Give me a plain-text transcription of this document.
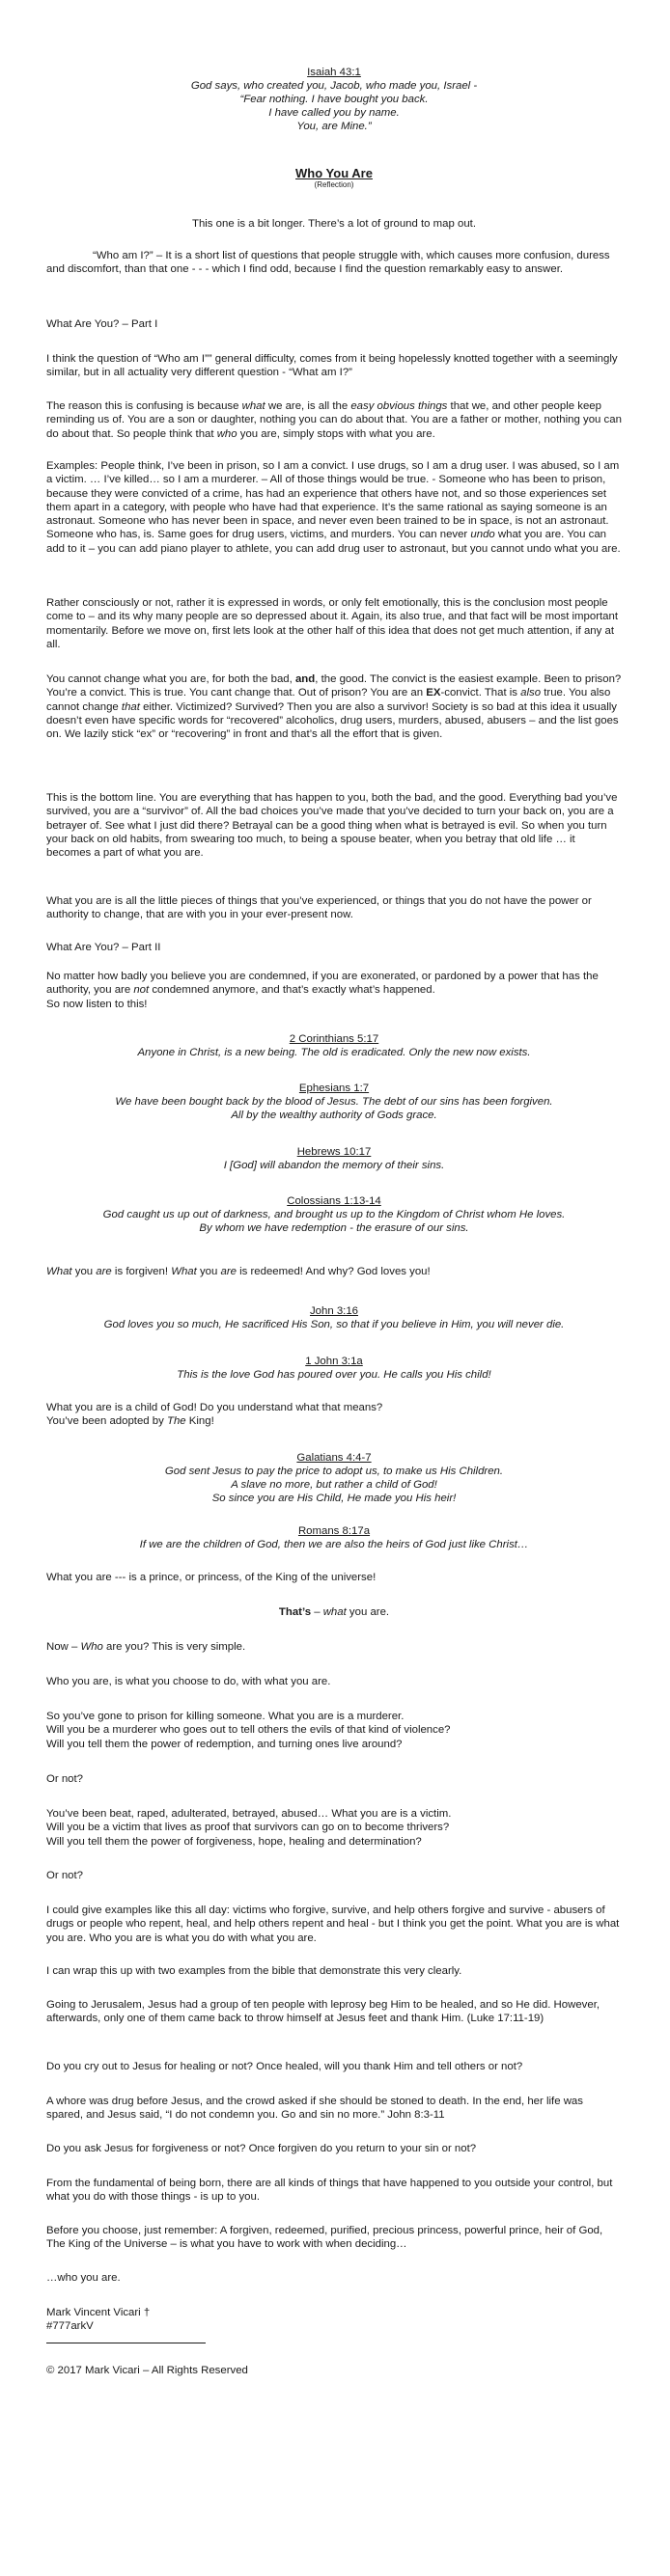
Isaiah 43:1
God says, who created you, Jacob, who made you, Israel -
“Fear nothing. I have bought you back.
I have called you by name.
You, are Mine.”
Who You Are
(Reflection)
This one is a bit longer. There’s a lot of ground to map out.

“Who am I?” – It is a short list of questions that people struggle with, which causes more confusion, duress and discomfort, than that one - - - which I find odd, because I find the question remarkably easy to answer.

What Are You? – Part I

I think the question of “Who am I”” general difficulty, comes from it being hopelessly knotted together with a seemingly similar, but in all actuality very different question - “What am I?”

The reason this is confusing is because what we are, is all the easy obvious things that we, and other people keep reminding us of. You are a son or daughter, nothing you can do about that. You are a father or mother, nothing you can do about that. So people think that who you are, simply stops with what you are.

Examples: People think, I’ve been in prison, so I am a convict. I use drugs, so I am a drug user. I was abused, so I am a victim. … I’ve killed… so I am a murderer. – All of those things would be true. - Someone who has been to prison, because they were convicted of a crime, has had an experience that others have not, and so those experiences set them apart in a category, with people who have had that experience. It’s the same rational as saying someone is an astronaut. Someone who has never been in space, and never even been trained to be in space, is not an astronaut. Someone who has, is. Same goes for drug users, victims, and murders. You can never undo what you are. You can add to it – you can add piano player to athlete, you can add drug user to astronaut, but you cannot undo what you are.

Rather consciously or not, rather it is expressed in words, or only felt emotionally, this is the conclusion most people come to – and its why many people are so depressed about it. Again, its also true, and that fact will be most important momentarily. Before we move on, first lets look at the other half of this idea that does not get much attention, if any at all.

You cannot change what you are, for both the bad, and, the good. The convict is the easiest example. Been to prison? You’re a convict. This is true. You cant change that. Out of prison? You are an EX-convict. That is also true. You also cannot change that either. Victimized? Survived? Then you are also a survivor! Society is so bad at this idea it usually doesn’t even have specific words for “recovered” alcoholics, drug users, murders, abused, abusers – and the list goes on. We lazily stick “ex” or “recovering” in front and that’s all the effort that is given.

This is the bottom line. You are everything that has happen to you, both the bad, and the good. Everything bad you’ve survived, you are a “survivor” of. All the bad choices you’ve made that you’ve decided to turn your back on, you are a betrayer of. See what I just did there? Betrayal can be a good thing when what is betrayed is evil. So when you turn your back on old habits, from swearing too much, to being a spouse beater, when you betray that old life … it becomes a part of what you are.

What you are is all the little pieces of things that you’ve experienced, or things that you do not have the power or authority to change, that are with you in your ever-present now.

What Are You? – Part II

No matter how badly you believe you are condemned, if you are exonerated, or pardoned by a power that has the authority, you are not condemned anymore, and that’s exactly what’s happened.

So now listen to this!

2 Corinthians 5:17
Anyone in Christ, is a new being. The old is eradicated. Only the new now exists.
Ephesians 1:7
We have been bought back by the blood of Jesus. The debt of our sins has been forgiven.
All by the wealthy authority of Gods grace.
Hebrews 10:17
I [God] will abandon the memory of their sins.
Colossians 1:13-14
God caught us up out of darkness, and brought us up to the Kingdom of Christ whom He loves.
By whom we have redemption - the erasure of our sins.

What you are is forgiven! What you are is redeemed! And why? God loves you!

John 3:16
God loves you so much, He sacrificed His Son, so that if you believe in Him, you will never die.
1 John 3:1a
This is the love God has poured over you. He calls you His child!
What you are is a child of God! Do you understand what that means?
You’ve been adopted by The King!
Galatians 4:4-7
God sent Jesus to pay the price to adopt us, to make us His Children.
A slave no more, but rather a child of God!
So since you are His Child, He made you His heir!
Romans 8:17a
If we are the children of God, then we are also the heirs of God just like Christ…

What you are --- is a prince, or princess, of the King of the universe!

That’s – what you are.

Now – Who are you? This is very simple.

Who you are, is what you choose to do, with what you are.

So you’ve gone to prison for killing someone. What you are is a murderer.
Will you be a murderer who goes out to tell others the evils of that kind of violence?
Will you tell them the power of redemption, and turning ones live around?

Or not?

You’ve been beat, raped, adulterated, betrayed, abused… What you are is a victim.
Will you be a victim that lives as proof that survivors can go on to become thrivers?
Will you tell them the power of forgiveness, hope, healing and determination?

Or not?

I could give examples like this all day: victims who forgive, survive, and help others forgive and survive - abusers of drugs or people who repent, heal, and help others repent and heal - but I think you get the point. What you are is what you are. Who you are is what you do with what you are.

I can wrap this up with two examples from the bible that demonstrate this very clearly.

Going to Jerusalem, Jesus had a group of ten people with leprosy beg Him to be healed, and so He did. However, afterwards, only one of them came back to throw himself at Jesus feet and thank Him. (Luke 17:11-19)

Do you cry out to Jesus for healing or not? Once healed, will you thank Him and tell others or not?

A whore was drug before Jesus, and the crowd asked if she should be stoned to death. In the end, her life was spared, and Jesus said, “I do not condemn you. Go and sin no more.” John 8:3-11

Do you ask Jesus for forgiveness or not? Once forgiven do you return to your sin or not?

From the fundamental of being born, there are all kinds of things that have happened to you outside your control, but what you do with those things - is up to you.

Before you choose, just remember: A forgiven, redeemed, purified, precious princess, powerful prince, heir of God, The King of the Universe – is what you have to work with when deciding…

…who you are.

Mark Vincent Vicari †
#777arkV

© 2017 Mark Vicari – All Rights Reserved
